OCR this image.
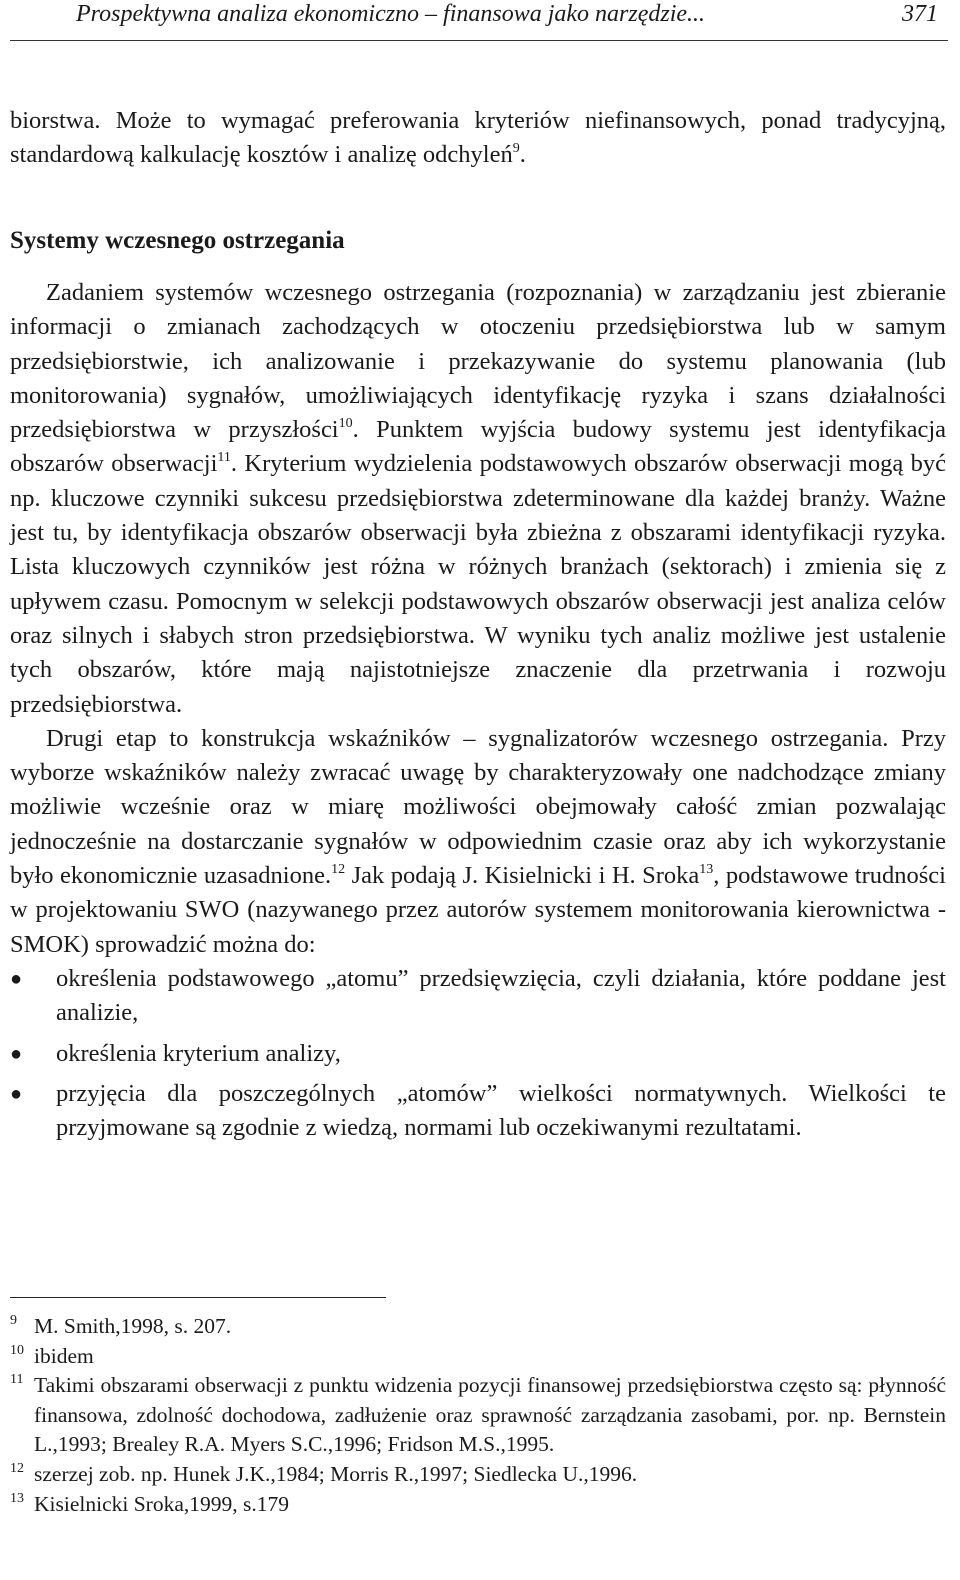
Prospektywna analiza ekonomiczno – finansowa jako narzędzie...	371

biorstwa. Może to wymagać preferowania kryteriów niefinansowych, ponad tradycyjną, standardową kalkulację kosztów i analizę odchyleń$^9$.

Systemy wczesnego ostrzegania

Zadaniem systemów wczesnego ostrzegania (rozpoznania) w zarządzaniu jest zbieranie informacji o zmianach zachodzących w otoczeniu przedsiębiorstwa lub w samym przedsiębiorstwie, ich analizowanie i przekazywanie do systemu planowania (lub monitorowania) sygnałów, umożliwiających identyfikację ryzyka i szans działalności przedsiębiorstwa w przyszłości$^{10}$. Punktem wyjścia budowy systemu jest identyfikacja obszarów obserwacji$^{11}$. Kryterium wydzielenia podstawowych obszarów obserwacji mogą być np. kluczowe czynniki sukcesu przedsiębiorstwa zdeterminowane dla każdej branży. Ważne jest tu, by identyfikacja obszarów obserwacji była zbieżna z obszarami identyfikacji ryzyka. Lista kluczowych czynników jest różna w różnych branżach (sektorach) i zmienia się z upływem czasu. Pomocnym w selekcji podstawowych obszarów obserwacji jest analiza celów oraz silnych i słabych stron przedsiębiorstwa. W wyniku tych analiz możliwe jest ustalenie tych obszarów, które mają najistotniejsze znaczenie dla przetrwania i rozwoju przedsiębiorstwa.

Drugi etap to konstrukcja wskaźników – sygnalizatorów wczesnego ostrzegania. Przy wyborze wskaźników należy zwracać uwagę by charakteryzowały one nadchodzące zmiany możliwie wcześnie oraz w miarę możliwości obejmowały całość zmian pozwalając jednocześnie na dostarczanie sygnałów w odpowiednim czasie oraz aby ich wykorzystanie było ekonomicznie uzasadnione.$^{12}$ Jak podają J. Kisielnicki i H. Sroka$^{13}$, podstawowe trudności w projektowaniu SWO (nazywanego przez autorów systemem monitorowania kierownictwa - SMOK) sprowadzić można do:

● określenia podstawowego „atomu” przedsięwzięcia, czyli działania, które poddane jest analizie,
● określenia kryterium analizy,
● przyjęcia dla poszczególnych „atomów” wielkości normatywnych. Wielkości te przyjmowane są zgodnie z wiedzą, normami lub oczekiwanymi rezultatami.

9 M. Smith,1998, s. 207.

10 ibidem

11 Takimi obszarami obserwacji z punktu widzenia pozycji finansowej przedsiębiorstwa często są: płynność finansowa, zdolność dochodowa, zadłużenie oraz sprawność zarządzania zasobami, por. np. Bernstein L.,1993; Brealey R.A. Myers S.C.,1996; Fridson M.S.,1995.

12 szerzej zob. np. Hunek J.K.,1984; Morris R.,1997; Siedlecka U.,1996.

13 Kisielnicki Sroka,1999, s.179
